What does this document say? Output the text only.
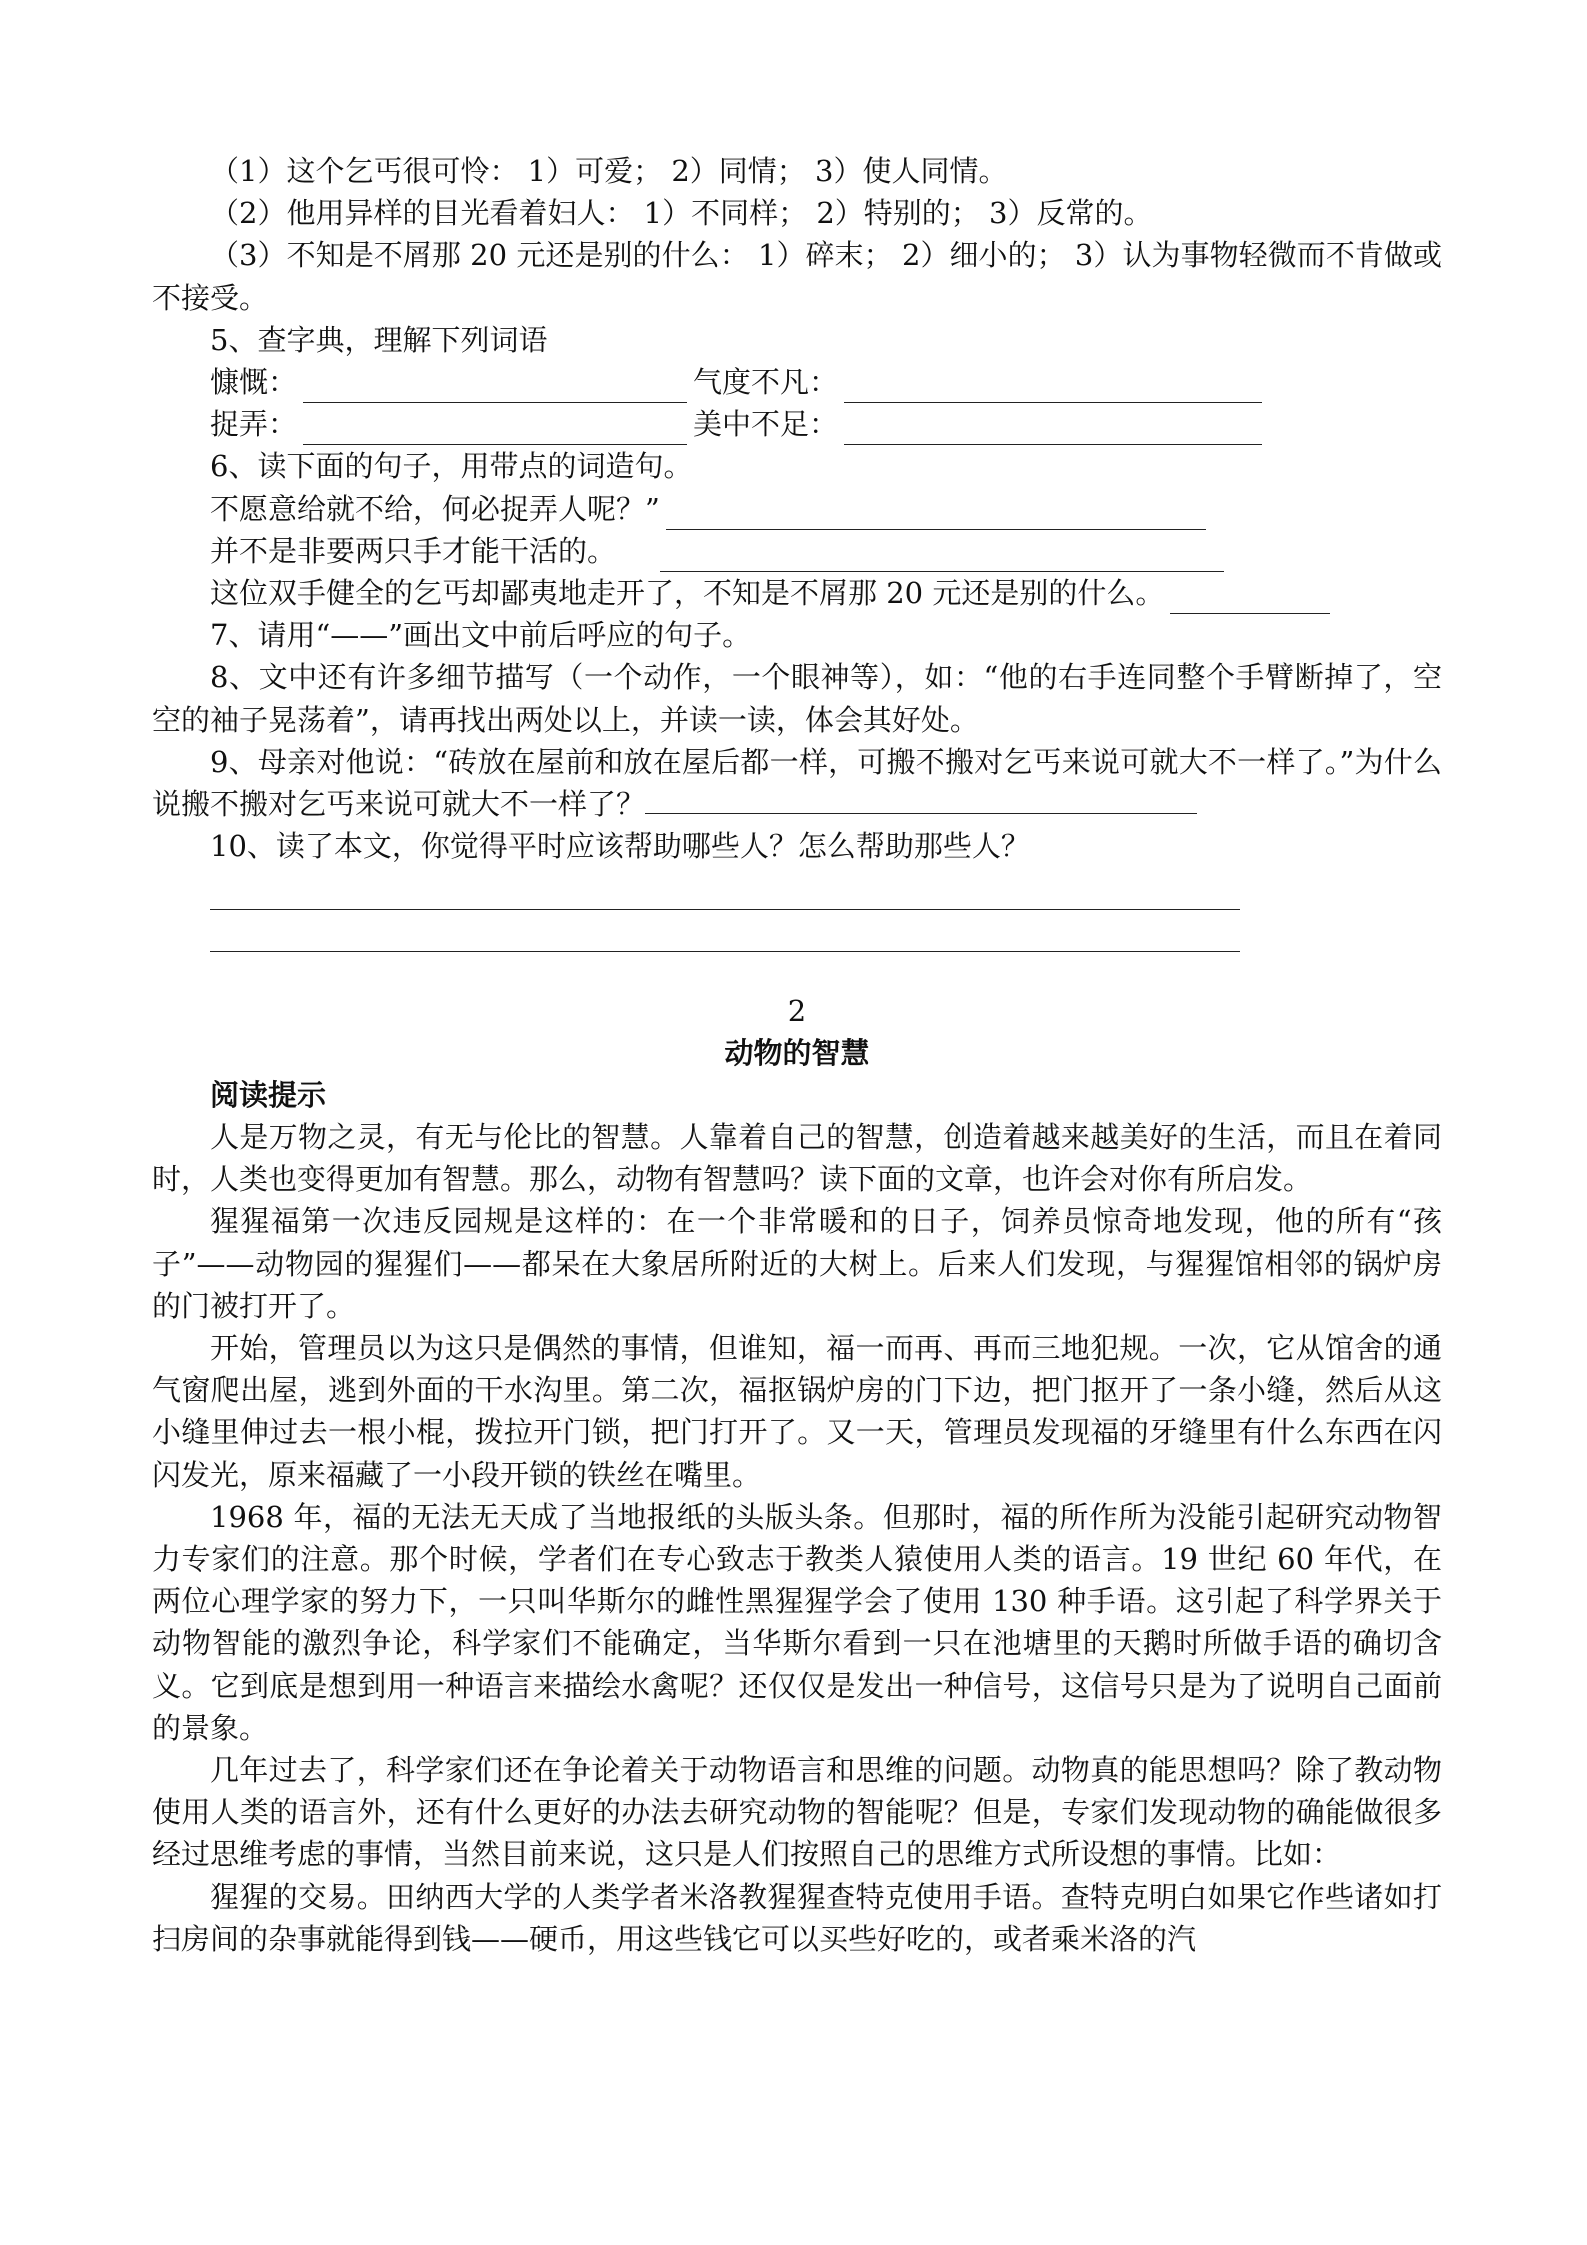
（1）这个乞丐很可怜： 1）可爱； 2）同情； 3）使人同情。

（2）他用异样的目光看着妇人： 1）不同样； 2）特别的； 3）反常的。

（3）不知是不屑那 20 元还是别的什么： 1）碎末； 2）细小的； 3）认为事物轻微而不肯做或不接受。

5、查字典，理解下列词语

慷慨：	气度不凡：
捉弄：	美中不足：

6、读下面的句子，用带点的词造句。

不愿意给就不给，何必捉弄人呢？”
并不是非要两只手才能干活的。
这位双手健全的乞丐却鄙夷地走开了，不知是不屑那 20 元还是别的什么。

7、请用“——”画出文中前后呼应的句子。

8、文中还有许多细节描写（一个动作，一个眼神等），如：“他的右手连同整个手臂断掉了，空空的袖子晃荡着”，请再找出两处以上，并读一读，体会其好处。

9、母亲对他说：“砖放在屋前和放在屋后都一样，可搬不搬对乞丐来说可就大不一样了。”为什么说搬不搬对乞丐来说可就大不一样了？

10、读了本文，你觉得平时应该帮助哪些人？怎么帮助那些人？

2
动物的智慧
阅读提示

人是万物之灵，有无与伦比的智慧。人靠着自己的智慧，创造着越来越美好的生活，而且在着同时，人类也变得更加有智慧。那么，动物有智慧吗？读下面的文章，也许会对你有所启发。

猩猩福第一次违反园规是这样的：在一个非常暖和的日子，饲养员惊奇地发现，他的所有“孩子”——动物园的猩猩们——都呆在大象居所附近的大树上。后来人们发现，与猩猩馆相邻的锅炉房的门被打开了。

开始，管理员以为这只是偶然的事情，但谁知，福一而再、再而三地犯规。一次，它从馆舍的通气窗爬出屋，逃到外面的干水沟里。第二次，福抠锅炉房的门下边，把门抠开了一条小缝，然后从这小缝里伸过去一根小棍，拨拉开门锁，把门打开了。又一天，管理员发现福的牙缝里有什么东西在闪闪发光，原来福藏了一小段开锁的铁丝在嘴里。

1968 年，福的无法无天成了当地报纸的头版头条。但那时，福的所作所为没能引起研究动物智力专家们的注意。那个时候，学者们在专心致志于教类人猿使用人类的语言。19 世纪 60 年代，在两位心理学家的努力下，一只叫华斯尔的雌性黑猩猩学会了使用 130 种手语。这引起了科学界关于动物智能的激烈争论，科学家们不能确定，当华斯尔看到一只在池塘里的天鹅时所做手语的确切含义。它到底是想到用一种语言来描绘水禽呢？还仅仅是发出一种信号，这信号只是为了说明自己面前的景象。

几年过去了，科学家们还在争论着关于动物语言和思维的问题。动物真的能思想吗？除了教动物使用人类的语言外，还有什么更好的办法去研究动物的智能呢？但是，专家们发现动物的确能做很多经过思维考虑的事情，当然目前来说，这只是人们按照自己的思维方式所设想的事情。比如：

猩猩的交易。田纳西大学的人类学者米洛教猩猩查特克使用手语。查特克明白如果它作些诸如打扫房间的杂事就能得到钱——硬币，用这些钱它可以买些好吃的，或者乘米洛的汽
